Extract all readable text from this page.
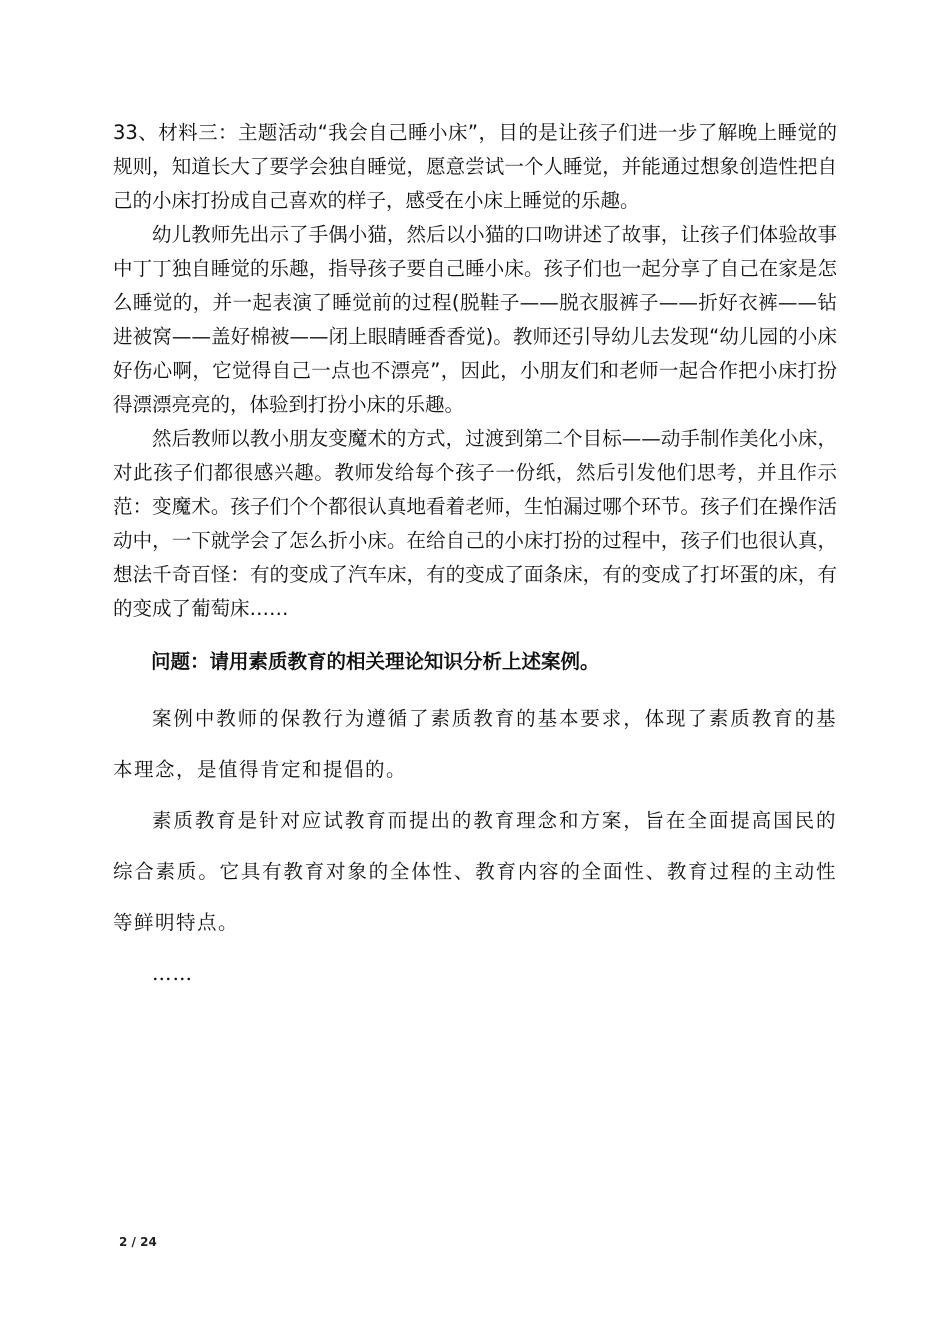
33、材料三：主题活动“我会自己睡小床”，目的是让孩子们进一步了解晚上睡觉的规则，知道长大了要学会独自睡觉，愿意尝试一个人睡觉，并能通过想象创造性把自己的小床打扮成自己喜欢的样子，感受在小床上睡觉的乐趣。

幼儿教师先出示了手偶小猫，然后以小猫的口吻讲述了故事，让孩子们体验故事中丁丁独自睡觉的乐趣，指导孩子要自己睡小床。孩子们也一起分享了自己在家是怎么睡觉的，并一起表演了睡觉前的过程(脱鞋子——脱衣服裤子——折好衣裤——钻进被窝——盖好棉被——闭上眼睛睡香香觉)。教师还引导幼儿去发现“幼儿园的小床好伤心啊，它觉得自己一点也不漂亮”，因此，小朋友们和老师一起合作把小床打扮得漂漂亮亮的，体验到打扮小床的乐趣。

然后教师以教小朋友变魔术的方式，过渡到第二个目标——动手制作美化小床，对此孩子们都很感兴趣。教师发给每个孩子一份纸，然后引发他们思考，并且作示范：变魔术。孩子们个个都很认真地看着老师，生怕漏过哪个环节。孩子们在操作活动中，一下就学会了怎么折小床。在给自己的小床打扮的过程中，孩子们也很认真，想法千奇百怪：有的变成了汽车床，有的变成了面条床，有的变成了打坏蛋的床，有的变成了葡萄床……

问题：请用素质教育的相关理论知识分析上述案例。

案例中教师的保教行为遵循了素质教育的基本要求，体现了素质教育的基本理念，是值得肯定和提倡的。

素质教育是针对应试教育而提出的教育理念和方案，旨在全面提高国民的综合素质。它具有教育对象的全体性、教育内容的全面性、教育过程的主动性等鲜明特点。

……

2 / 24
